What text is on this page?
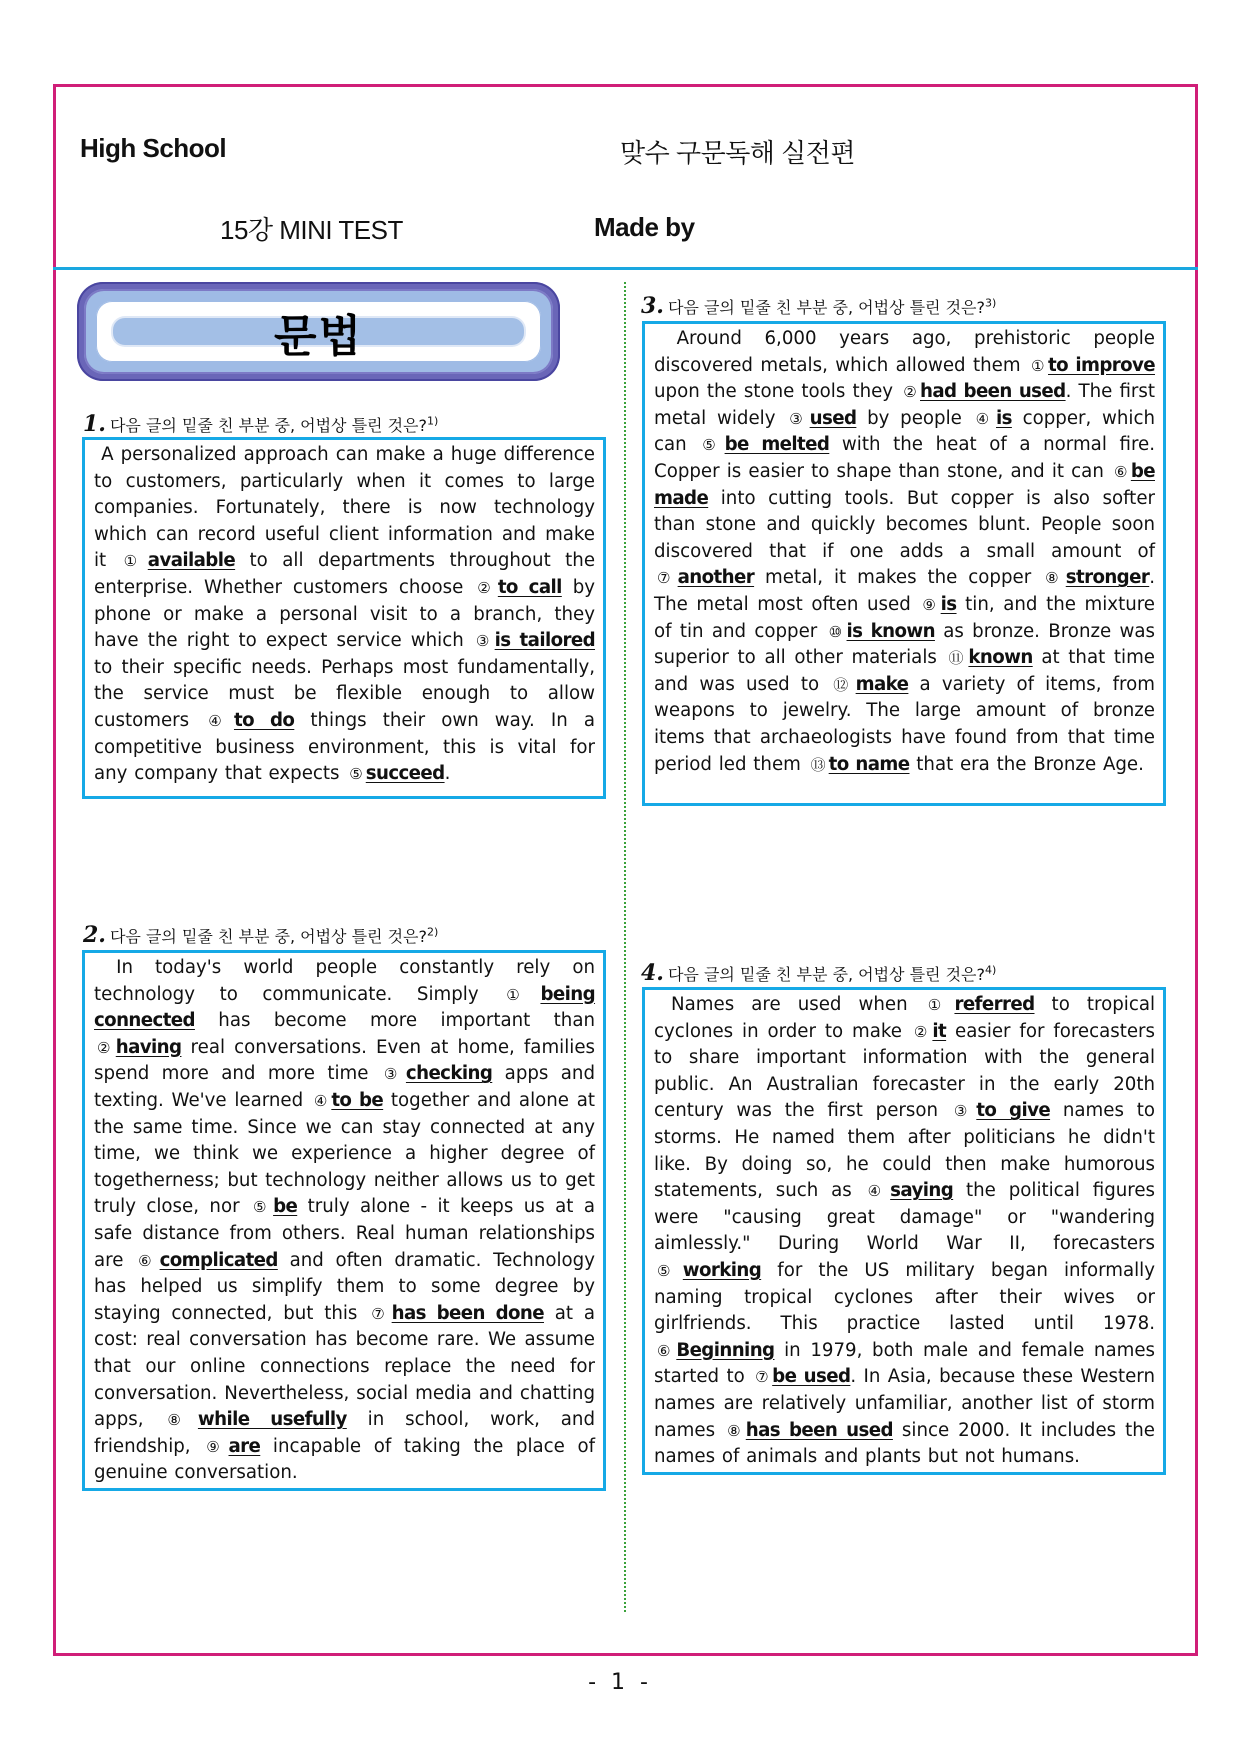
High School	맞수 구문독해 실전편
15강 MINI TEST	Made by
문법
1. 다음 글의 밑줄 친 부분 중, 어법상 틀린 것은?$^{1)}$

A personalized approach can make a huge difference to customers, particularly when it comes to large companies. Fortunately, there is now technology which can record useful client information and make it ① available to all departments throughout the enterprise. Whether customers choose ② to call by phone or make a personal visit to a branch, they have the right to expect service which ③ is tailored to their specific needs. Perhaps most fundamentally, the service must be flexible enough to allow customers ④ to do things their own way. In a competitive business environment, this is vital for any company that expects ⑤ succeed.

2. 다음 글의 밑줄 친 부분 중, 어법상 틀린 것은?$^{2)}$

In today's world people constantly rely on technology to communicate. Simply ① being connected has become more important than ② having real conversations. Even at home, families spend more and more time ③ checking apps and texting. We've learned ④ to be together and alone at the same time. Since we can stay connected at any time, we think we experience a higher degree of togetherness; but technology neither allows us to get truly close, nor ⑤ be truly alone - it keeps us at a safe distance from others. Real human relationships are ⑥ complicated and often dramatic. Technology has helped us simplify them to some degree by staying connected, but this ⑦ has been done at a cost: real conversation has become rare. We assume that our online connections replace the need for conversation. Nevertheless, social media and chatting apps, ⑧ while usefully in school, work, and friendship, ⑨ are incapable of taking the place of genuine conversation.

3. 다음 글의 밑줄 친 부분 중, 어법상 틀린 것은?$^{3)}$

Around 6,000 years ago, prehistoric people discovered metals, which allowed them ① to improve upon the stone tools they ② had been used. The first metal widely ③ used by people ④ is copper, which can ⑤ be melted with the heat of a normal fire. Copper is easier to shape than stone, and it can ⑥ be made into cutting tools. But copper is also softer than stone and quickly becomes blunt. People soon discovered that if one adds a small amount of ⑦ another metal, it makes the copper ⑧ stronger. The metal most often used ⑨ is tin, and the mixture of tin and copper ⑩ is known as bronze. Bronze was superior to all other materials ⑪ known at that time and was used to ⑫ make a variety of items, from weapons to jewelry. The large amount of bronze items that archaeologists have found from that time period led them ⑬ to name that era the Bronze Age.

4. 다음 글의 밑줄 친 부분 중, 어법상 틀린 것은?$^{4)}$

Names are used when ① referred to tropical cyclones in order to make ② it easier for forecasters to share important information with the general public. An Australian forecaster in the early 20th century was the first person ③ to give names to storms. He named them after politicians he didn't like. By doing so, he could then make humorous statements, such as ④ saying the political figures were "causing great damage" or "wandering aimlessly." During World War II, forecasters ⑤ working for the US military began informally naming tropical cyclones after their wives or girlfriends. This practice lasted until 1978. ⑥ Beginning in 1979, both male and female names started to ⑦ be used. In Asia, because these Western names are relatively unfamiliar, another list of storm names ⑧ has been used since 2000. It includes the names of animals and plants but not humans.

- 1 -
